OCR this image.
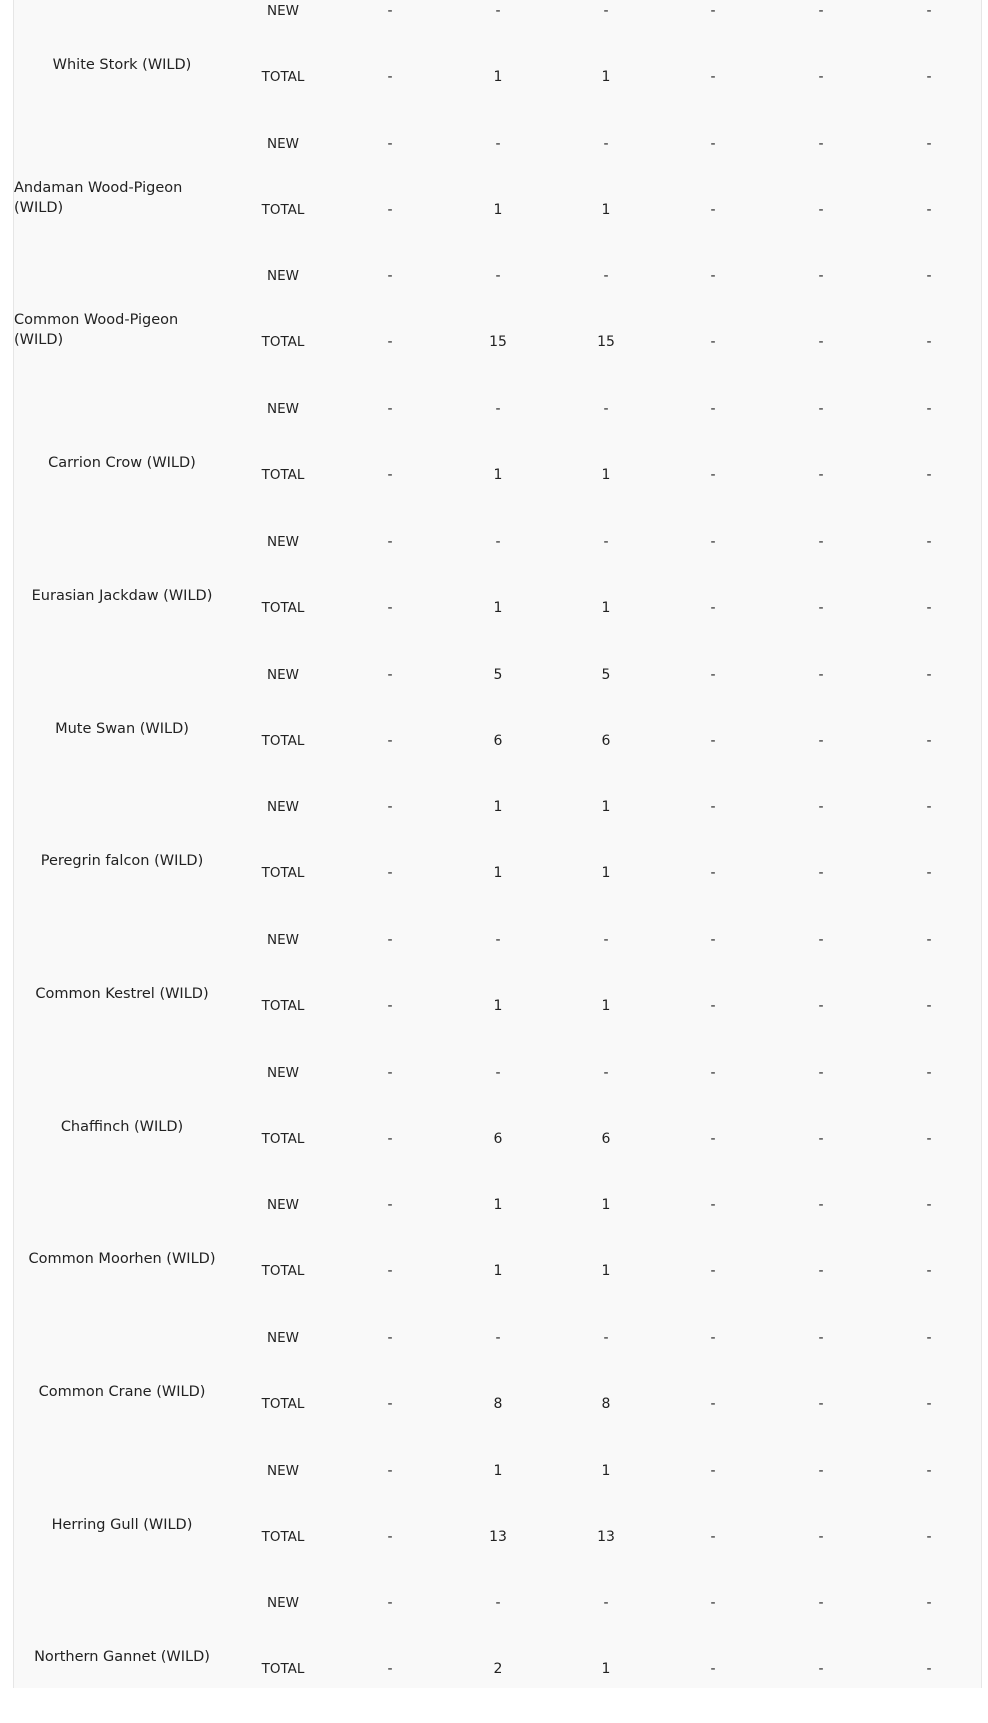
White Stork (WILD)
NEW	-	-	-	-	-	-
TOTAL	-	1	1	-	-	-
Andaman Wood-Pigeon (WILD)
NEW	-	-	-	-	-	-
TOTAL	-	1	1	-	-	-
Common Wood-Pigeon (WILD)
NEW	-	-	-	-	-	-
TOTAL	-	15	15	-	-	-
Carrion Crow (WILD)
NEW	-	-	-	-	-	-
TOTAL	-	1	1	-	-	-
Eurasian Jackdaw (WILD)
NEW	-	-	-	-	-	-
TOTAL	-	1	1	-	-	-
Mute Swan (WILD)
NEW	-	5	5	-	-	-
TOTAL	-	6	6	-	-	-
Peregrin falcon (WILD)
NEW	-	1	1	-	-	-
TOTAL	-	1	1	-	-	-
Common Kestrel (WILD)
NEW	-	-	-	-	-	-
TOTAL	-	1	1	-	-	-
Chaffinch (WILD)
NEW	-	-	-	-	-	-
TOTAL	-	6	6	-	-	-
Common Moorhen (WILD)
NEW	-	1	1	-	-	-
TOTAL	-	1	1	-	-	-
Common Crane (WILD)
NEW	-	-	-	-	-	-
TOTAL	-	8	8	-	-	-
Herring Gull (WILD)
NEW	-	1	1	-	-	-
TOTAL	-	13	13	-	-	-
Northern Gannet (WILD)
NEW	-	-	-	-	-	-
TOTAL	-	2	1	-	-	-
